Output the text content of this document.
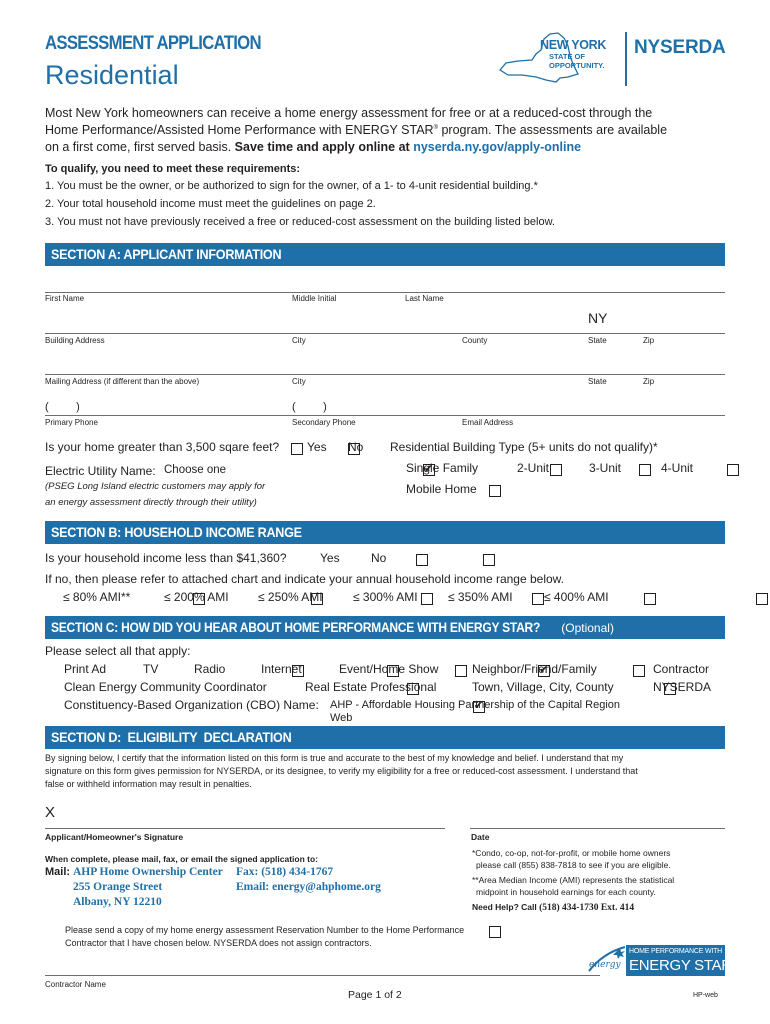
ASSESSMENT APPLICATION
Residential
NEW YORK
STATE OF
OPPORTUNITY.
NYSERDA
Most New York homeowners can receive a home energy assessment for free or at a reduced-cost through the
Home Performance/Assisted Home Performance with ENERGY STAR® program. The assessments are available
on a first come, first served basis. Save time and apply online at nyserda.ny.gov/apply-online
To qualify, you need to meet these requirements:
1. You must be the owner, or be authorized to sign for the owner, of a 1- to 4-unit residential building.*
2. Your total household income must meet the guidelines on page 2.
3. You must not have previously received a free or reduced-cost assessment on the building listed below.
SECTION A: APPLICANT INFORMATION
First Name	Middle Initial	Last Name
NY
Building Address	City	County	State	Zip
Mailing Address (if different than the above)	City	State	Zip
(         )	(         )
Primary Phone	Secondary Phone	Email Address
Is your home greater than 3,500 sqare feet?
Yes
No Residential Building Type (5+ units do not qualify)*
Electric Utility Name: Choose one
(PSEG Long Island electric customers may apply for
an energy assessment directly through their utility)
✔
Single Family
	2-Unit
	3-Unit
	4-Unit

Mobile Home
SECTION B: HOUSEHOLD INCOME RANGE
Is your household income less than $41,360?
	Yes
	No
If no, then please refer to attached chart and indicate your annual household income range below.

≤ 80% AMI**
	≤ 200% AMI
≤ 250% AMI
	≤ 300% AMI
	≤ 350% AMI
	≤ 400% AMI
SECTION C: HOW DID YOU HEAR ABOUT HOME PERFORMANCE WITH ENERGY STAR? (Optional)
Please select all that apply:

Print Ad
	TV
	Radio
✔	Internet
	Event/Home Show
	Neighbor/Friend/Family
	Contractor

Clean Energy Community Coordinator
	Real Estate Professional
	Town, Village, City, County
	NYSERDA
✔
Constituency-Based Organization (CBO) Name: AHP - Affordable Housing Partnership of the Capital Region
Web
SECTION D:  ELIGIBILITY  DECLARATION
By signing below, I certify that the information listed on this form is true and accurate to the best of my knowledge and belief. I understand that my
signature on this form gives permission for NYSERDA, or its designee, to verify my eligibility for a free or reduced-cost assessment. I understand that
false or withheld information may result in penalties.
X
Applicant/Homeowner's Signature	Date
When complete, please mail, fax, or email the signed application to:
Mail: AHP Home Ownership Center
255 Orange Street
Albany, NY 12210
Fax: (518) 434-1767
Email: energy@ahphome.org
*Condo, co-op, not-for-profit, or mobile home owners
please call (855) 838-7818 to see if you are eligible.
**Area Median Income (AMI) represents the statistical
midpoint in household earnings for each county.
Need Help? Call (518) 434-1730 Ext. 414
Please send a copy of my home energy assessment Reservation Number to the Home Performance
Contractor that I have chosen below. NYSERDA does not assign contractors.
Contractor Name
energy
HOME PERFORMANCE WITH
ENERGY STAR
Page 1 of 2	HP-web
